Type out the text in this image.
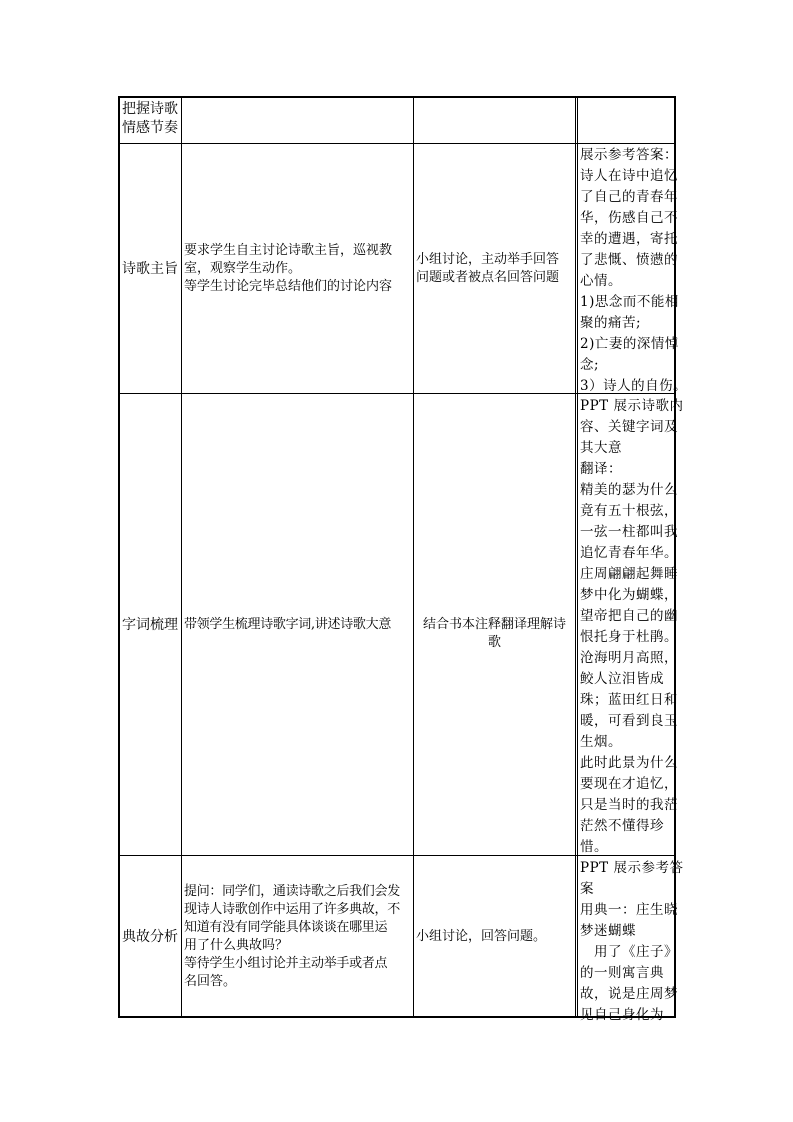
把握诗歌
情感节奏
诗歌主旨
要求学生自主讨论诗歌主旨，巡视教
室，观察学生动作。
等学生讨论完毕总结他们的讨论内容
小组讨论，主动举手回答
问题或者被点名回答问题
展示参考答案：
诗人在诗中追忆
了自己的青春年
华，伤感自己不
幸的遭遇，寄托
了悲慨、愤懑的
心情。
1)思念而不能相
聚的痛苦;
2)亡妻的深情悼
念;
3）诗人的自伤。
字词梳理 带领学生梳理诗歌字词,讲述诗歌大意	结合书本注释翻译理解诗
歌
PPT 展示诗歌内
容、关键字词及
其大意
翻译：
精美的瑟为什么
竟有五十根弦，
一弦一柱都叫我
追忆青春年华。
庄周翩翩起舞睡
梦中化为蝴蝶，
望帝把自己的幽
恨托身于杜鹃。
沧海明月高照，
鲛人泣泪皆成
珠；蓝田红日和
暖，可看到良玉
生烟。
此时此景为什么
要现在才追忆，
只是当时的我茫
茫然不懂得珍
惜。
典故分析
提问：同学们，通读诗歌之后我们会发
现诗人诗歌创作中运用了许多典故，不
知道有没有同学能具体谈谈在哪里运
用了什么典故吗？
等待学生小组讨论并主动举手或者点
名回答。
小组讨论，回答问题。
PPT 展示参考答
案
用典一：庄生晓
梦迷蝴蝶
　用了《庄子》
的一则寓言典
故，说是庄周梦
见自己身化为
